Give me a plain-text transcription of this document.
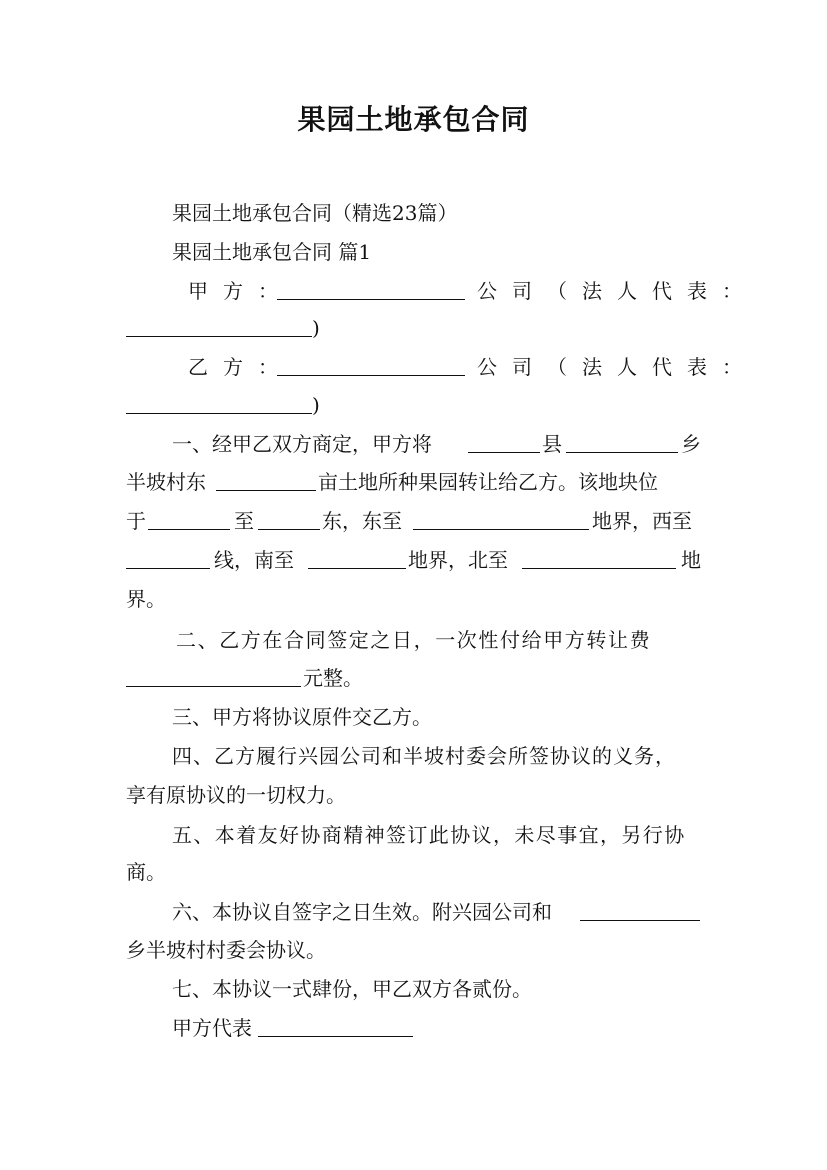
果园土地承包合同
果园土地承包合同（精选23篇）
果园土地承包合同 篇1
甲方：	公司（法人代表：
)
乙方：	公司（法人代表：
)
一、经甲乙双方商定，甲方将	县	乡
半坡村东	亩土地所种果园转让给乙方。该地块位
于	至	东，东至	地界，西至
线，南至	地界，北至	地
界。
二、乙方在合同签定之日，一次性付给甲方转让费
元整。
三、甲方将协议原件交乙方。
四、乙方履行兴园公司和半坡村委会所签协议的义务，
享有原协议的一切权力。
五、本着友好协商精神签订此协议，未尽事宜，另行协
商。
六、本协议自签字之日生效。附兴园公司和
乡半坡村村委会协议。
七、本协议一式肆份，甲乙双方各贰份。
甲方代表
